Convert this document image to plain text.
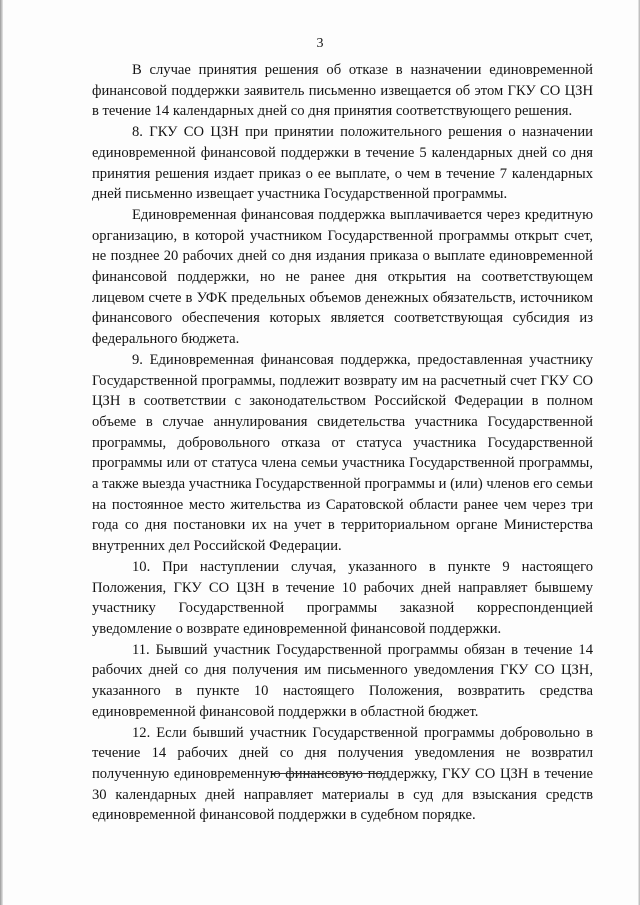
3

В случае принятия решения об отказе в назначении единовременной финансовой поддержки заявитель письменно извещается об этом ГКУ СО ЦЗН в течение 14 календарных дней со дня принятия соответствующего решения.

8. ГКУ СО ЦЗН при принятии положительного решения о назначении единовременной финансовой поддержки в течение 5 календарных дней со дня принятия решения издает приказ о ее выплате, о чем в течение 7 календарных дней письменно извещает участника Государственной программы.

Единовременная финансовая поддержка выплачивается через кредитную организацию, в которой участником Государственной программы открыт счет, не позднее 20 рабочих дней со дня издания приказа о выплате единовременной финансовой поддержки, но не ранее дня открытия на соответствующем лицевом счете в УФК предельных объемов денежных обязательств, источником финансового обеспечения которых является соответствующая субсидия из федерального бюджета.

9. Единовременная финансовая поддержка, предоставленная участнику Государственной программы, подлежит возврату им на расчетный счет ГКУ СО ЦЗН в соответствии с законодательством Российской Федерации в полном объеме в случае аннулирования свидетельства участника Государственной программы, добровольного отказа от статуса участника Государственной программы или от статуса члена семьи участника Государственной программы, а также выезда участника Государственной программы и (или) членов его семьи на постоянное место жительства из Саратовской области ранее чем через три года со дня постановки их на учет в территориальном органе Министерства внутренних дел Российской Федерации.

10. При наступлении случая, указанного в пункте 9 настоящего Положения, ГКУ СО ЦЗН в течение 10 рабочих дней направляет бывшему участнику Государственной программы заказной корреспонденцией уведомление о возврате единовременной финансовой поддержки.

11. Бывший участник Государственной программы обязан в течение 14 рабочих дней со дня получения им письменного уведомления ГКУ СО ЦЗН, указанного в пункте 10 настоящего Положения, возвратить средства единовременной финансовой поддержки в областной бюджет.

12. Если бывший участник Государственной программы добровольно в течение 14 рабочих дней со дня получения уведомления не возвратил полученную единовременную финансовую поддержку, ГКУ СО ЦЗН в течение 30 календарных дней направляет материалы в суд для взыскания средств единовременной финансовой поддержки в судебном порядке.
